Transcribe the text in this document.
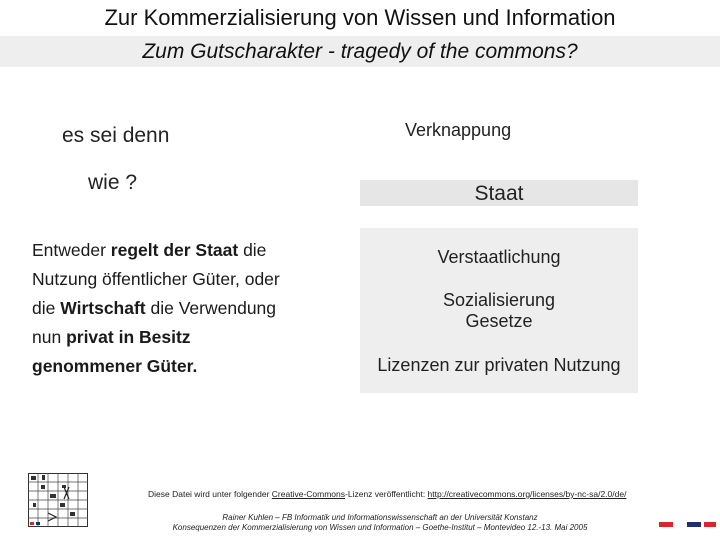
Zur Kommerzialisierung von Wissen und Information
Zum Gutscharakter - tragedy of the commons?
es sei denn
wie ?
Entweder regelt der Staat die Nutzung öffentlicher Güter, oder die Wirtschaft die Verwendung nun privat in Besitz genommener Güter.
Verknappung
Staat
Verstaatlichung
Sozialisierung
Gesetze
Lizenzen zur privaten Nutzung
Diese Datei wird unter folgender Creative-Commons-Lizenz veröffentlicht: http://creativecommons.org/licenses/by-nc-sa/2.0/de/
Rainer Kuhlen – FB Informatik und Informationswissenschaft an der Universität Konstanz
Konsequenzen der Kommerzialisierung von Wissen und Information – Goethe-Institut – Montevideo 12.-13. Mai 2005
